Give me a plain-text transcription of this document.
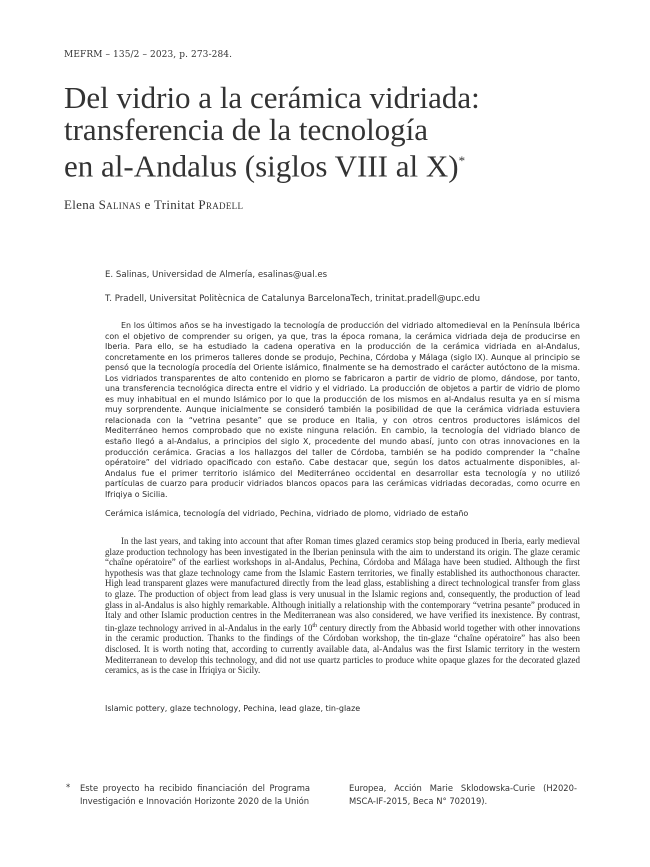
MEFRM – 135/2 – 2023, p. 273-284.
Del vidrio a la cerámica vidriada:
transferencia de la tecnología
en al-Andalus (siglos VIII al X)*
Elena Salinas e Trinitat Pradell
E. Salinas, Universidad de Almería, esalinas@ual.es
T. Pradell, Universitat Politècnica de Catalunya BarcelonaTech, trinitat.pradell@upc.edu

En los últimos años se ha investigado la tecnología de producción del vidriado altomedieval en la Península Ibérica con el objetivo de comprender su origen, ya que, tras la época romana, la cerámica vidriada deja de producirse en Iberia. Para ello, se ha estudiado la cadena operativa en la producción de la cerámica vidriada en al-Andalus, concretamente en los primeros talleres donde se produjo, Pechina, Córdoba y Málaga (siglo IX). Aunque al principio se pensó que la tecnología procedía del Oriente islámico, finalmente se ha demostrado el carácter autóctono de la misma. Los vidriados transparentes de alto contenido en plomo se fabricaron a partir de vidrio de plomo, dándose, por tanto, una transferencia tecnológica directa entre el vidrio y el vidriado. La producción de objetos a partir de vidrio de plomo es muy inhabitual en el mundo Islámico por lo que la producción de los mismos en al-Andalus resulta ya en sí misma muy sorprendente. Aunque inicialmente se consideró también la posibilidad de que la cerámica vidriada estuviera relacionada con la “vetrina pesante” que se produce en Italia, y con otros centros productores islámicos del Mediterráneo hemos comprobado que no existe ninguna relación. En cambio, la tecnología del vidriado blanco de estaño llegó a al-Andalus, a principios del siglo X, procedente del mundo abasí, junto con otras innovaciones en la producción cerámica. Gracias a los hallazgos del taller de Córdoba, también se ha podido comprender la “chaîne opératoire” del vidriado opacificado con estaño. Cabe destacar que, según los datos actualmente disponibles, al-Andalus fue el primer territorio islámico del Mediterráneo occidental en desarrollar esta tecnología y no utilizó partículas de cuarzo para producir vidriados blancos opacos para las cerámicas vidriadas decoradas, como ocurre en Ifriqiya o Sicilia.

Cerámica islámica, tecnología del vidriado, Pechina, vidriado de plomo, vidriado de estaño

In the last years, and taking into account that after Roman times glazed ceramics stop being produced in Iberia, early medieval glaze production technology has been investigated in the Iberian peninsula with the aim to understand its origin. The glaze ceramic “chaîne opératoire” of the earliest workshops in al-Andalus, Pechina, Córdoba and Málaga have been studied. Although the first hypothesis was that glaze technology came from the Islamic Eastern territories, we finally established its authocthonous character. High lead transparent glazes were manufactured directly from the lead glass, establishing a direct technological transfer from glass to glaze. The production of object from lead glass is very unusual in the Islamic regions and, consequently, the production of lead glass in al-Andalus is also highly remarkable. Although initially a relationship with the contemporary “vetrina pesante” produced in Italy and other Islamic production centres in the Mediterranean was also considered, we have verified its inexistence. By contrast, tin-glaze technology arrived in al-Andalus in the early 10th century directly from the Abbasid world together with other innovations in the ceramic production. Thanks to the findings of the Córdoban workshop, the tin-glaze “chaîne opératoire” has also been disclosed. It is worth noting that, according to currently available data, al-Andalus was the first Islamic territory in the western Mediterranean to develop this technology, and did not use quartz particles to produce white opaque glazes for the decorated glazed ceramics, as is the case in Ifriqiya or Sicily.

Islamic pottery, glaze technology, Pechina, lead glaze, tin-glaze
* Este proyecto ha recibido financiación del Programa Investigación e Innovación Horizonte 2020 de la Unión
Europea, Acción Marie Sklodowska-Curie (H2020-MSCA-IF-2015, Beca N° 702019).
